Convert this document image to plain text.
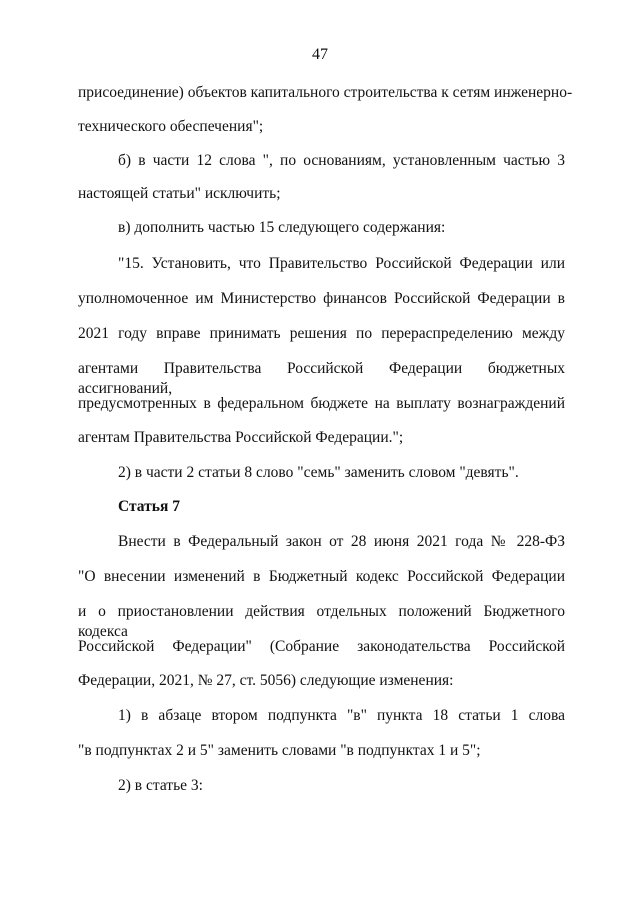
47
присоединение) объектов капитального строительства к сетям инженерно-
технического обеспечения";
б) в части 12 слова ", по основаниям, установленным частью 3
настоящей статьи" исключить;
в) дополнить частью 15 следующего содержания:
"15. Установить, что Правительство Российской Федерации или
уполномоченное им Министерство финансов Российской Федерации в
2021 году вправе принимать решения по перераспределению между
агентами Правительства Российской Федерации бюджетных ассигнований,
предусмотренных в федеральном бюджете на выплату вознаграждений
агентам Правительства Российской Федерации.";
2) в части 2 статьи 8 слово "семь" заменить словом "девять".
Статья 7
Внести в Федеральный закон от 28 июня 2021 года № 228-ФЗ
"О внесении изменений в Бюджетный кодекс Российской Федерации
и о приостановлении действия отдельных положений Бюджетного кодекса
Российской Федерации" (Собрание законодательства Российской
Федерации, 2021, № 27, ст. 5056) следующие изменения:
1) в абзаце втором подпункта "в" пункта 18 статьи 1 слова
"в подпунктах 2 и 5" заменить словами "в подпунктах 1 и 5";
2) в статье 3:
